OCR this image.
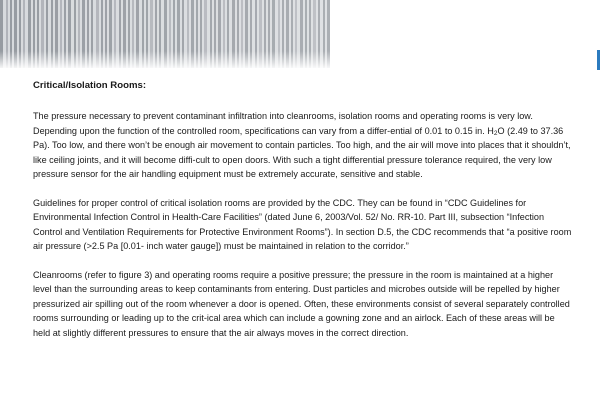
Critical/Isolation Rooms:

The pressure necessary to prevent contaminant infiltration into cleanrooms, isolation rooms and operating rooms is very low. Depending upon the function of the controlled room, specifications can vary from a differ-ential of 0.01 to 0.15 in. $H_2O$ (2.49 to 37.36 Pa). Too low, and there won’t be enough air movement to contain particles. Too high, and the air will move into places that it shouldn’t, like ceiling joints, and it will become diffi-cult to open doors. With such a tight differential pressure tolerance required, the very low pressure sensor for the air handling equipment must be extremely accurate, sensitive and stable.

Guidelines for proper control of critical isolation rooms are provided by the CDC. They can be found in “CDC Guidelines for Environmental Infection Control in Health-Care Facilities” (dated June 6, 2003/Vol. 52/ No. RR-10. Part III, subsection “Infection Control and Ventilation Requirements for Protective Environment Rooms”). In section D.5, the CDC recommends that “a positive room air pressure (>2.5 Pa [0.01- inch water gauge]) must be maintained in relation to the corridor.”

Cleanrooms (refer to figure 3) and operating rooms require a positive pressure; the pressure in the room is maintained at a higher level than the surrounding areas to keep contaminants from entering. Dust particles and microbes outside will be repelled by higher pressurized air spilling out of the room whenever a door is opened. Often, these environments consist of several separately controlled rooms surrounding or leading up to the crit-ical area which can include a gowning zone and an airlock. Each of these areas will be held at slightly different pressures to ensure that the air always moves in the correct direction.
